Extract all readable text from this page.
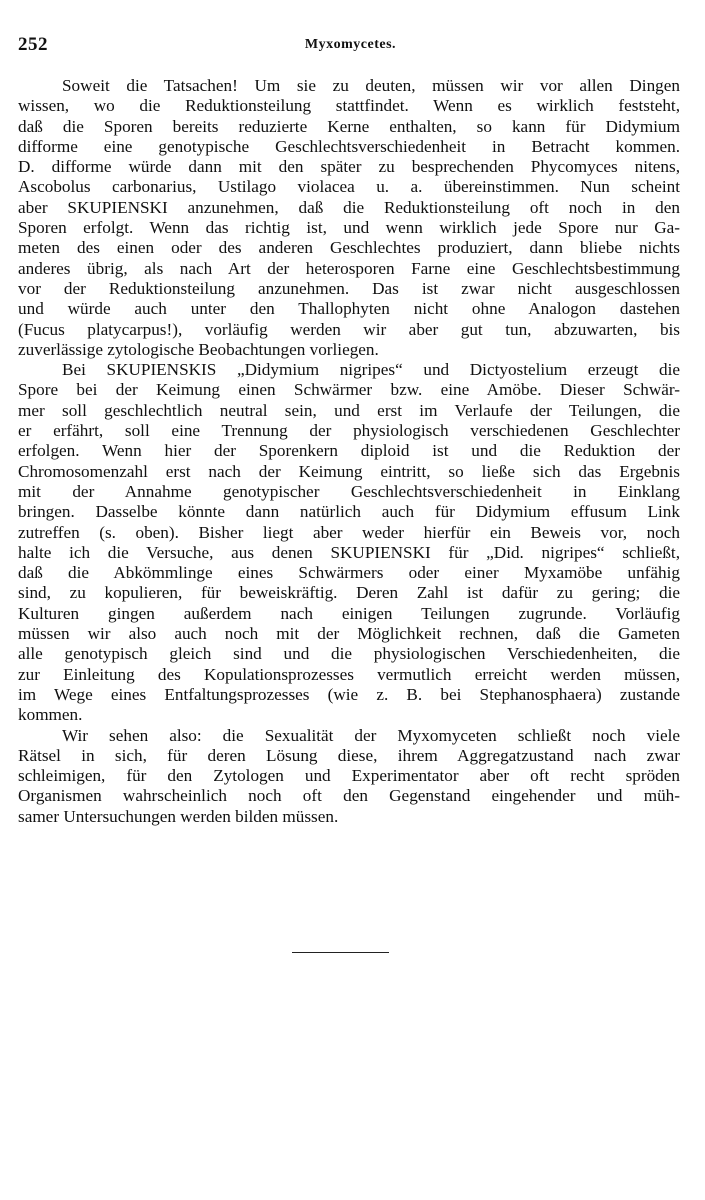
252	Myxomycetes.

Soweit die Tatsachen! Um sie zu deuten, müssen wir vor allen Dingen
wissen, wo die Reduktionsteilung stattfindet. Wenn es wirklich feststeht,
daß die Sporen bereits reduzierte Kerne enthalten, so kann für Didymium
difforme eine genotypische Geschlechtsverschiedenheit in Betracht kommen.
D. difforme würde dann mit den später zu besprechenden Phycomyces nitens,
Ascobolus carbonarius, Ustilago violacea u. a. übereinstimmen. Nun scheint
aber SKUPIENSKI anzunehmen, daß die Reduktionsteilung oft noch in den
Sporen erfolgt. Wenn das richtig ist, und wenn wirklich jede Spore nur Ga-
meten des einen oder des anderen Geschlechtes produziert, dann bliebe nichts
anderes übrig, als nach Art der heterosporen Farne eine Geschlechtsbestimmung
vor der Reduktionsteilung anzunehmen. Das ist zwar nicht ausgeschlossen
und würde auch unter den Thallophyten nicht ohne Analogon dastehen
(Fucus platycarpus!), vorläufig werden wir aber gut tun, abzuwarten, bis
zuverlässige zytologische Beobachtungen vorliegen.

Bei SKUPIENSKIS „Didymium nigripes“ und Dictyostelium erzeugt die
Spore bei der Keimung einen Schwärmer bzw. eine Amöbe. Dieser Schwär-
mer soll geschlechtlich neutral sein, und erst im Verlaufe der Teilungen, die
er erfährt, soll eine Trennung der physiologisch verschiedenen Geschlechter
erfolgen. Wenn hier der Sporenkern diploid ist und die Reduktion der
Chromosomenzahl erst nach der Keimung eintritt, so ließe sich das Ergebnis
mit der Annahme genotypischer Geschlechtsverschiedenheit in Einklang
bringen. Dasselbe könnte dann natürlich auch für Didymium effusum Link
zutreffen (s. oben). Bisher liegt aber weder hierfür ein Beweis vor, noch
halte ich die Versuche, aus denen SKUPIENSKI für „Did. nigripes“ schließt,
daß die Abkömmlinge eines Schwärmers oder einer Myxamöbe unfähig
sind, zu kopulieren, für beweiskräftig. Deren Zahl ist dafür zu gering; die
Kulturen gingen außerdem nach einigen Teilungen zugrunde. Vorläufig
müssen wir also auch noch mit der Möglichkeit rechnen, daß die Gameten
alle genotypisch gleich sind und die physiologischen Verschiedenheiten, die
zur Einleitung des Kopulationsprozesses vermutlich erreicht werden müssen,
im Wege eines Entfaltungsprozesses (wie z. B. bei Stephanosphaera) zustande
kommen.

Wir sehen also: die Sexualität der Myxomyceten schließt noch viele
Rätsel in sich, für deren Lösung diese, ihrem Aggregatzustand nach zwar
schleimigen, für den Zytologen und Experimentator aber oft recht spröden
Organismen wahrscheinlich noch oft den Gegenstand eingehender und müh-
samer Untersuchungen werden bilden müssen.
